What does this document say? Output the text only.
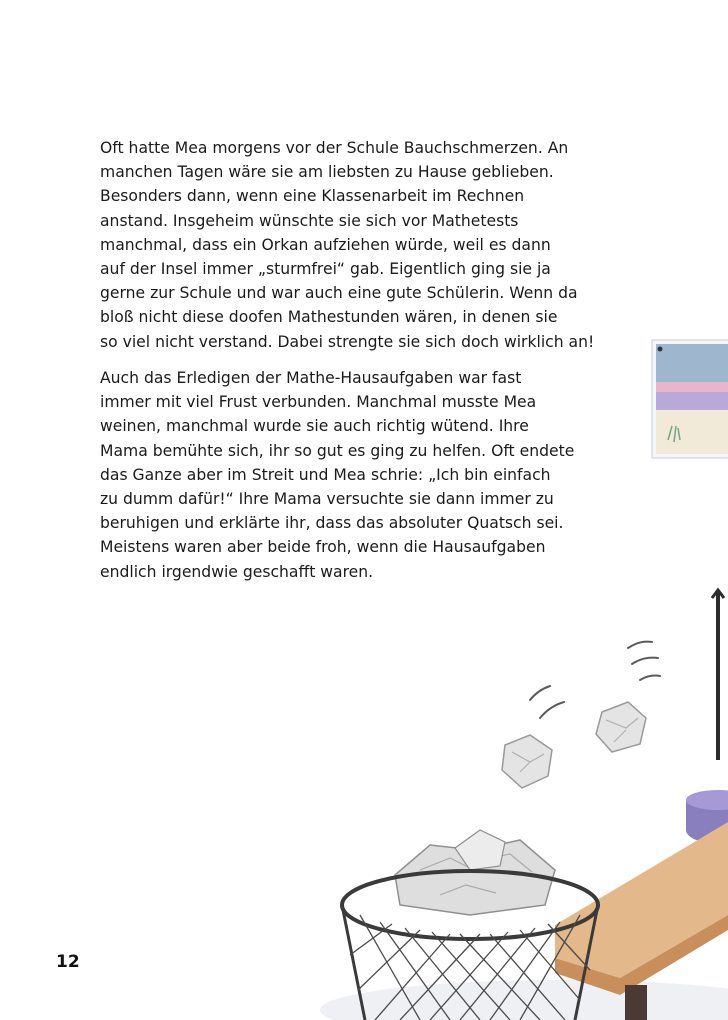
Oft hatte Mea morgens vor der Schule Bauchschmerzen. An
manchen Tagen wäre sie am liebsten zu Hause geblieben.
Besonders dann, wenn eine Klassenarbeit im Rechnen
anstand. Insgeheim wünschte sie sich vor Mathetests
manchmal, dass ein Orkan aufziehen würde, weil es dann
auf der Insel immer „sturmfrei“ gab. Eigentlich ging sie ja
gerne zur Schule und war auch eine gute Schülerin. Wenn da
bloß nicht diese doofen Mathestunden wären, in denen sie
so viel nicht verstand. Dabei strengte sie sich doch wirklich an!
Auch das Erledigen der Mathe-Hausaufgaben war fast
immer mit viel Frust verbunden. Manchmal musste Mea
weinen, manchmal wurde sie auch richtig wütend. Ihre
Mama bemühte sich, ihr so gut es ging zu helfen. Oft endete
das Ganze aber im Streit und Mea schrie: „Ich bin einfach
zu dumm dafür!“ Ihre Mama versuchte sie dann immer zu
beruhigen und erklärte ihr, dass das absoluter Quatsch sei.
Meistens waren aber beide froh, wenn die Hausaufgaben
endlich irgendwie geschafft waren.
12
